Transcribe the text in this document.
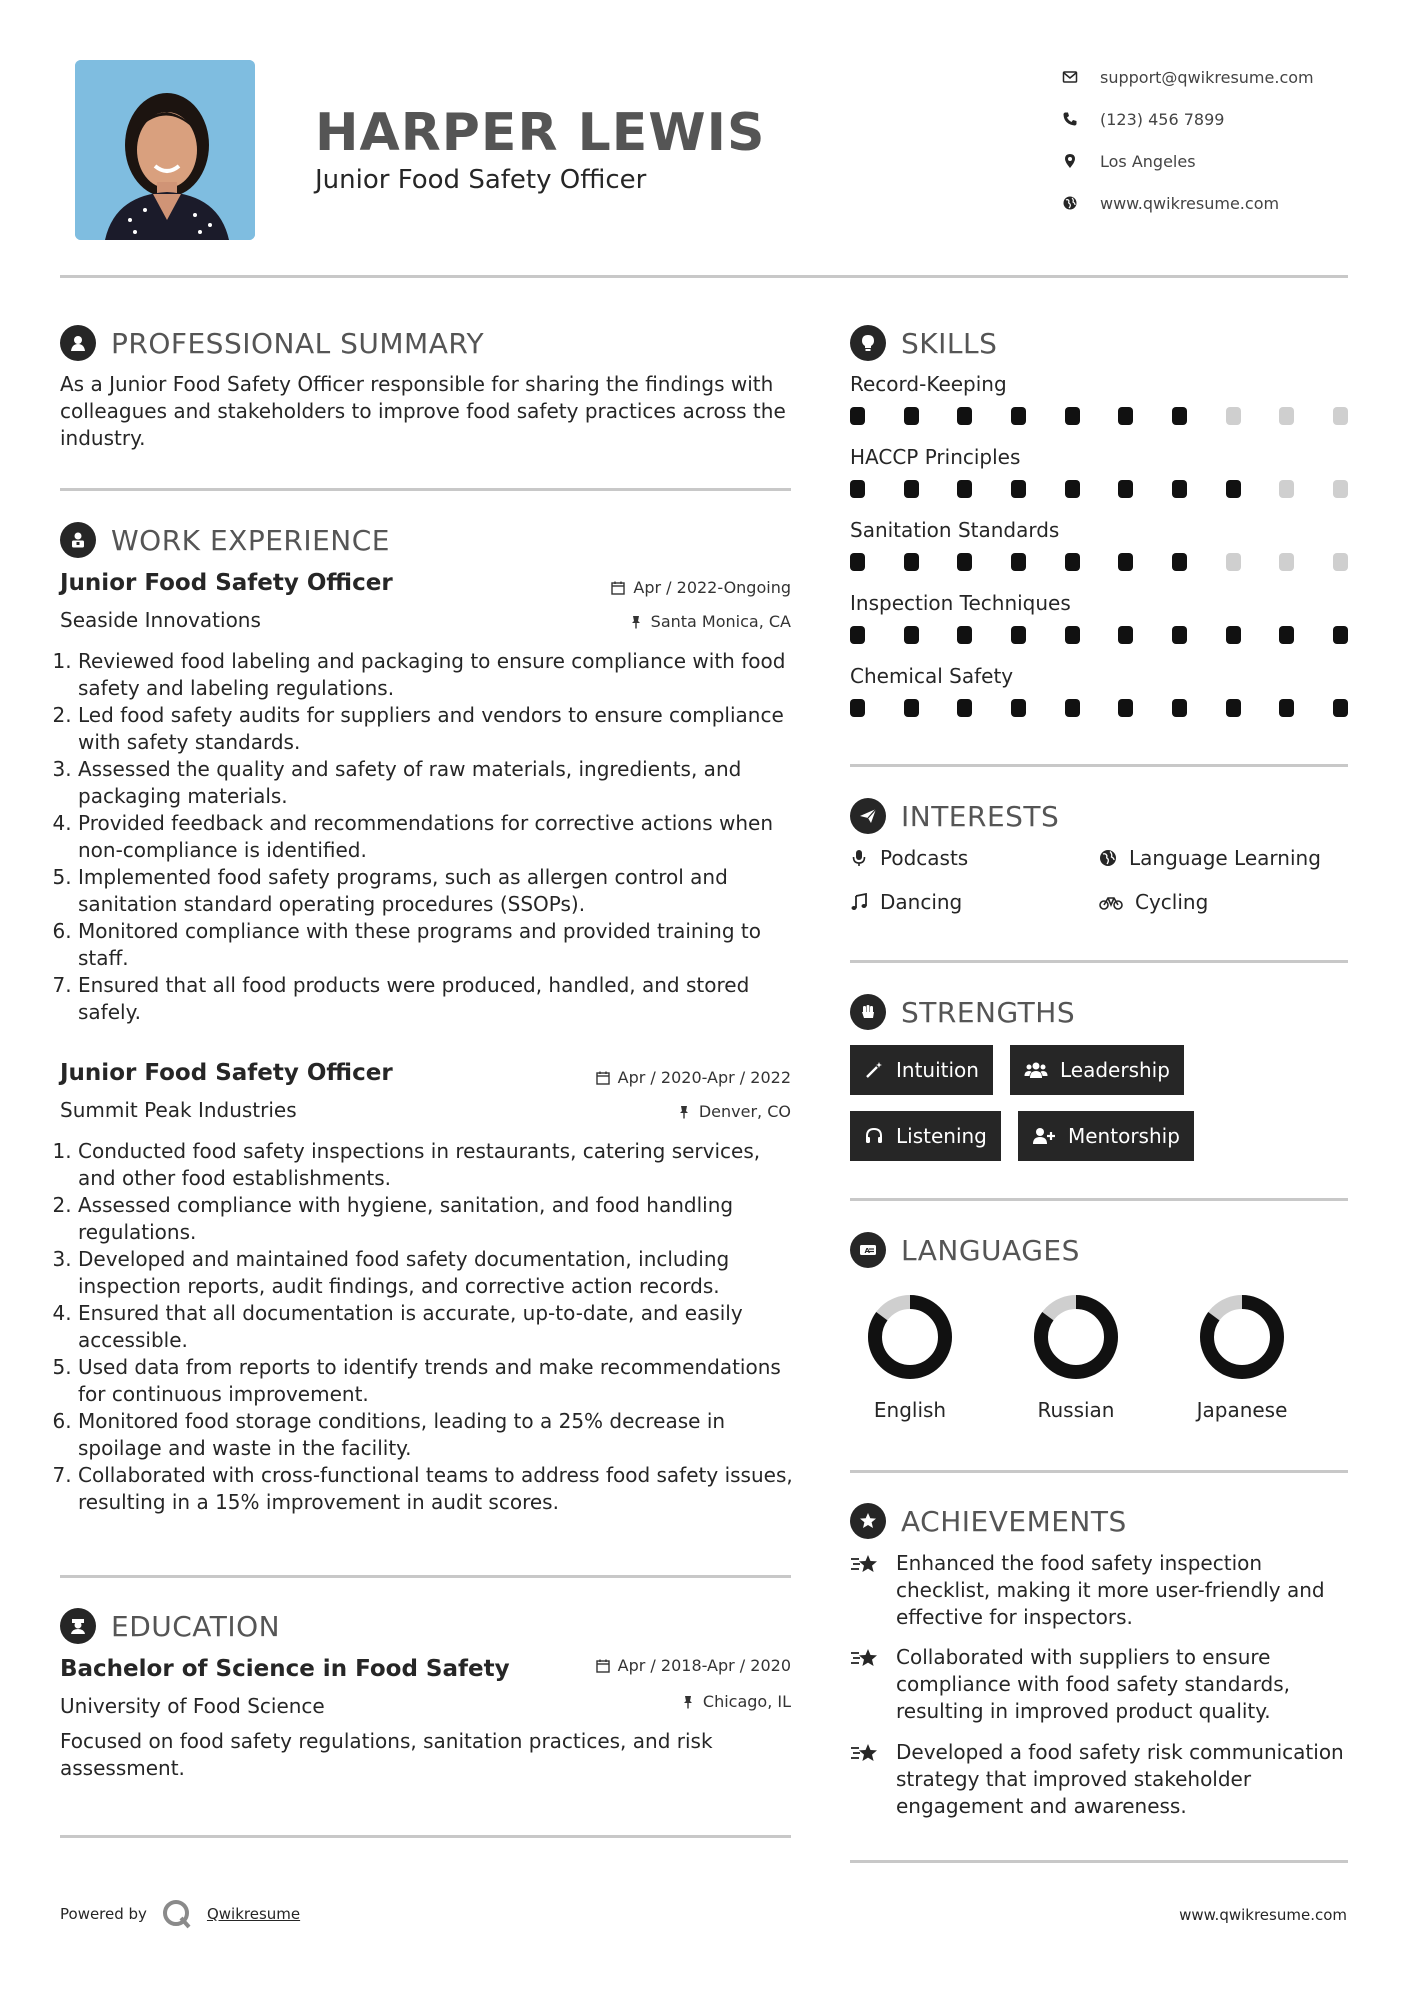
HARPER LEWIS
Junior Food Safety Officer
support@qwikresume.com
(123) 456 7899
Los Angeles
www.qwikresume.com
PROFESSIONAL SUMMARY
As a Junior Food Safety Officer responsible for sharing the findings with colleagues and stakeholders to improve food safety practices across the industry.
WORK EXPERIENCE
Junior Food Safety Officer	Apr / 2022-Ongoing
Seaside Innovations	Santa Monica, CA
1. Reviewed food labeling and packaging to ensure compliance with food safety and labeling regulations.
2. Led food safety audits for suppliers and vendors to ensure compliance with safety standards.
3. Assessed the quality and safety of raw materials, ingredients, and packaging materials.
4. Provided feedback and recommendations for corrective actions when non-compliance is identified.
5. Implemented food safety programs, such as allergen control and sanitation standard operating procedures (SSOPs).
6. Monitored compliance with these programs and provided training to staff.
7. Ensured that all food products were produced, handled, and stored safely.
Junior Food Safety Officer	Apr / 2020-Apr / 2022
Summit Peak Industries	Denver, CO
1. Conducted food safety inspections in restaurants, catering services, and other food establishments.
2. Assessed compliance with hygiene, sanitation, and food handling regulations.
3. Developed and maintained food safety documentation, including inspection reports, audit findings, and corrective action records.
4. Ensured that all documentation is accurate, up-to-date, and easily accessible.
5. Used data from reports to identify trends and make recommendations for continuous improvement.
6. Monitored food storage conditions, leading to a 25% decrease in spoilage and waste in the facility.
7. Collaborated with cross-functional teams to address food safety issues, resulting in a 15% improvement in audit scores.
EDUCATION
Bachelor of Science in Food Safety	Apr / 2018-Apr / 2020
University of Food Science	Chicago, IL
Focused on food safety regulations, sanitation practices, and risk assessment.
SKILLS
Record-Keeping
HACCP Principles
Sanitation Standards
Inspection Techniques
Chemical Safety
INTERESTS
Podcasts	Language Learning
Dancing	Cycling
STRENGTHS
Intuition	Leadership
Listening	Mentorship
A LANGUAGES
English	Russian	Japanese
ACHIEVEMENTS
Enhanced the food safety inspection checklist, making it more user-friendly and effective for inspectors.
Collaborated with suppliers to ensure compliance with food safety standards, resulting in improved product quality.
Developed a food safety risk communication strategy that improved stakeholder engagement and awareness.
Powered by	Qwikresume	www.qwikresume.com
